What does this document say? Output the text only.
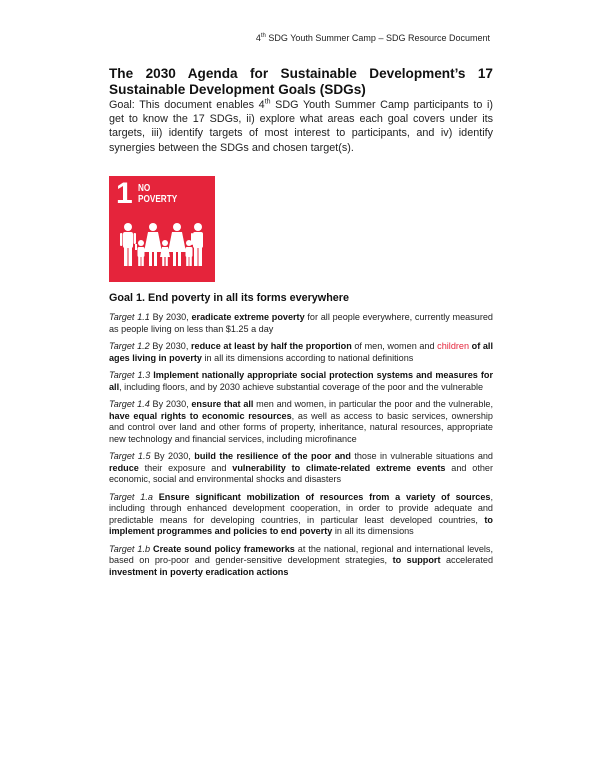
4th SDG Youth Summer Camp – SDG Resource Document
The 2030 Agenda for Sustainable Development’s 17 Sustainable Development Goals (SDGs)

Goal: This document enables 4th SDG Youth Summer Camp participants to i) get to know the 17 SDGs, ii) explore what areas each goal covers under its targets, iii) identify targets of most interest to participants, and iv) identify synergies between the SDGs and chosen target(s).

1 NO
POVERTY
Goal 1. End poverty in all its forms everywhere

Target 1.1 By 2030, eradicate extreme poverty for all people everywhere, currently measured as people living on less than $1.25 a day

Target 1.2 By 2030, reduce at least by half the proportion of men, women and children of all ages living in poverty in all its dimensions according to national definitions

Target 1.3 Implement nationally appropriate social protection systems and measures for all, including floors, and by 2030 achieve substantial coverage of the poor and the vulnerable

Target 1.4 By 2030, ensure that all men and women, in particular the poor and the vulnerable, have equal rights to economic resources, as well as access to basic services, ownership and control over land and other forms of property, inheritance, natural resources, appropriate new technology and financial services, including microfinance

Target 1.5 By 2030, build the resilience of the poor and those in vulnerable situations and reduce their exposure and vulnerability to climate-related extreme events and other economic, social and environmental shocks and disasters

Target 1.a Ensure significant mobilization of resources from a variety of sources, including through enhanced development cooperation, in order to provide adequate and predictable means for developing countries, in particular least developed countries, to implement programmes and policies to end poverty in all its dimensions

Target 1.b Create sound policy frameworks at the national, regional and international levels, based on pro-poor and gender-sensitive development strategies, to support accelerated investment in poverty eradication actions
